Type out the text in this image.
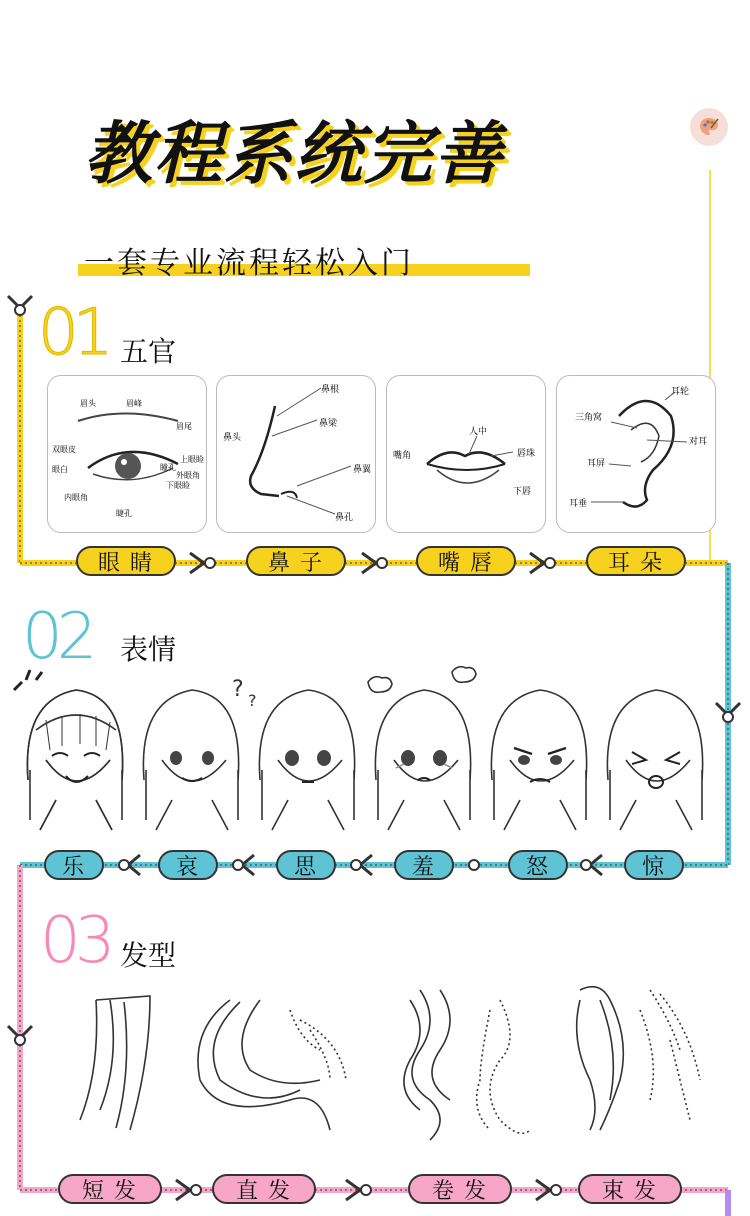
教程系统完善
一套专业流程轻松入门
01 五官
眉头	眉峰
眉尾
双眼皮
眼白
上眼睑
瞳孔
下眼睑
内眼角
外眼角
睫孔
鼻根
鼻头
鼻梁
鼻翼
鼻孔
人中
嘴角	唇珠
下唇
耳轮
三角窝
对耳
耳屏
耳垂
眼睛	鼻子	嘴唇	耳朵
02 表情
? ?
乐	哀	思	羞	怒	惊
03 发型
短发	直发	卷发	束发
